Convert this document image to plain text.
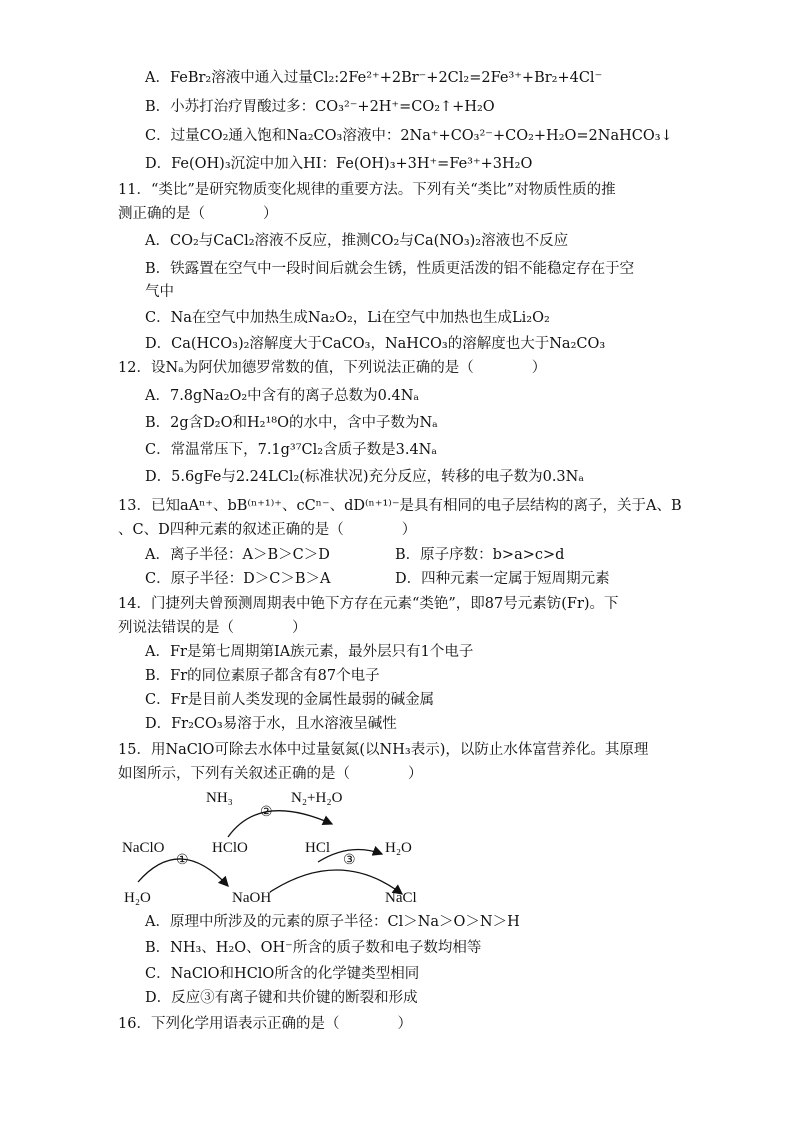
A．FeBr₂溶液中通入过量Cl₂:2Fe²⁺+2Br⁻+2Cl₂=2Fe³⁺+Br₂+4Cl⁻
B．小苏打治疗胃酸过多：CO₃²⁻+2H⁺=CO₂↑+H₂O
C．过量CO₂通入饱和Na₂CO₃溶液中：2Na⁺+CO₃²⁻+CO₂+H₂O=2NaHCO₃↓
D．Fe(OH)₃沉淀中加入HI：Fe(OH)₃+3H⁺=Fe³⁺+3H₂O
11．“类比”是研究物质变化规律的重要方法。下列有关“类比”对物质性质的推
测正确的是（　　　　）
A．CO₂与CaCl₂溶液不反应，推测CO₂与Ca(NO₃)₂溶液也不反应
B．铁露置在空气中一段时间后就会生锈，性质更活泼的铝不能稳定存在于空
气中
C．Na在空气中加热生成Na₂O₂，Li在空气中加热也生成Li₂O₂
D．Ca(HCO₃)₂溶解度大于CaCO₃，NaHCO₃的溶解度也大于Na₂CO₃
12．设Nₐ为阿伏加德罗常数的值，下列说法正确的是（　　　　）
A．7.8gNa₂O₂中含有的离子总数为0.4Nₐ
B．2g含D₂O和H₂¹⁸O的水中，含中子数为Nₐ
C．常温常压下，7.1g³⁷Cl₂含质子数是3.4Nₐ
D．5.6gFe与2.24LCl₂(标准状况)充分反应，转移的电子数为0.3Nₐ
13．已知aAⁿ⁺、bB⁽ⁿ⁺¹⁾⁺、cCⁿ⁻、dD⁽ⁿ⁺¹⁾⁻是具有相同的电子层结构的离子，关于A、B
、C、D四种元素的叙述正确的是（　　　　）
A．离子半径：A＞B＞C＞D	B．原子序数：b>a>c>d
C．原子半径：D＞C＞B＞A	D．四种元素一定属于短周期元素
14．门捷列夫曾预测周期表中铯下方存在元素“类铯”，即87号元素钫(Fr)。下
列说法错误的是（　　　　）
A．Fr是第七周期第ⅠA族元素，最外层只有1个电子
B．Fr的同位素原子都含有87个电子
C．Fr是目前人类发现的金属性最弱的碱金属
D．Fr₂CO₃易溶于水，且水溶液呈碱性
15．用NaClO可除去水体中过量氨氮(以NH₃表示)，以防止水体富营养化。其原理
如图所示，下列有关叙述正确的是（　　　　）
NH₃	N₂+H₂O
②
NaClO	HClO	HCl	H₂O
①	③
H₂O	NaOH	NaCl
A．原理中所涉及的元素的原子半径：Cl＞Na＞O＞N＞H
B．NH₃、H₂O、OH⁻所含的质子数和电子数均相等
C．NaClO和HClO所含的化学键类型相同
D．反应③有离子键和共价键的断裂和形成
16．下列化学用语表示正确的是（　　　　）
